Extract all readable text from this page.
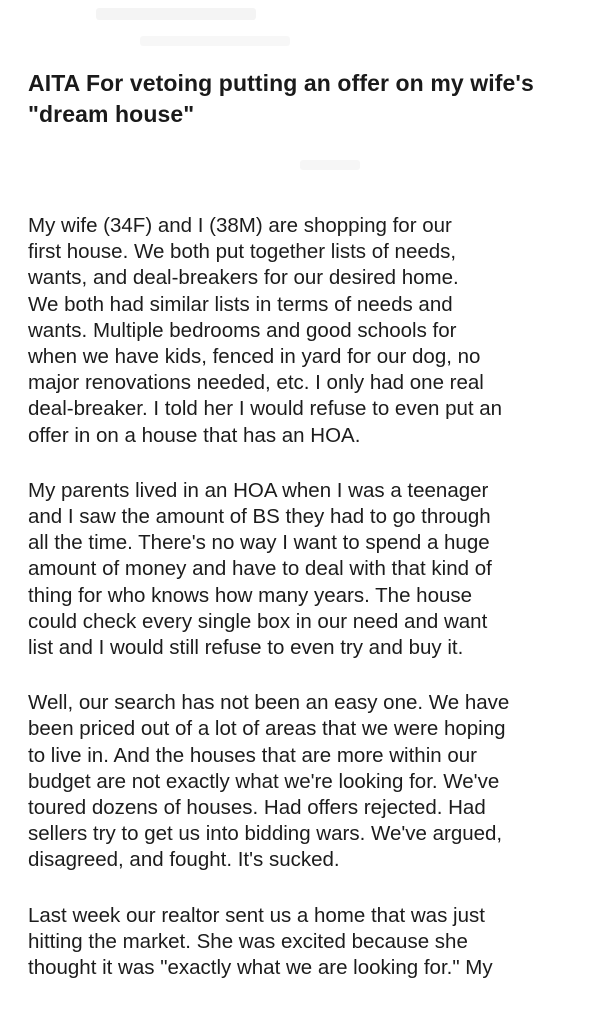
AITA For vetoing putting an offer on my wife's "dream house"

My wife (34F) and I (38M) are shopping for our
first house. We both put together lists of needs,
wants, and deal-breakers for our desired home.
We both had similar lists in terms of needs and
wants. Multiple bedrooms and good schools for
when we have kids, fenced in yard for our dog, no
major renovations needed, etc. I only had one real
deal-breaker. I told her I would refuse to even put an
offer in on a house that has an HOA.

My parents lived in an HOA when I was a teenager
and I saw the amount of BS they had to go through
all the time. There's no way I want to spend a huge
amount of money and have to deal with that kind of
thing for who knows how many years. The house
could check every single box in our need and want
list and I would still refuse to even try and buy it.

Well, our search has not been an easy one. We have
been priced out of a lot of areas that we were hoping
to live in. And the houses that are more within our
budget are not exactly what we're looking for. We've
toured dozens of houses. Had offers rejected. Had
sellers try to get us into bidding wars. We've argued,
disagreed, and fought. It's sucked.

Last week our realtor sent us a home that was just
hitting the market. She was excited because she
thought it was "exactly what we are looking for." My
